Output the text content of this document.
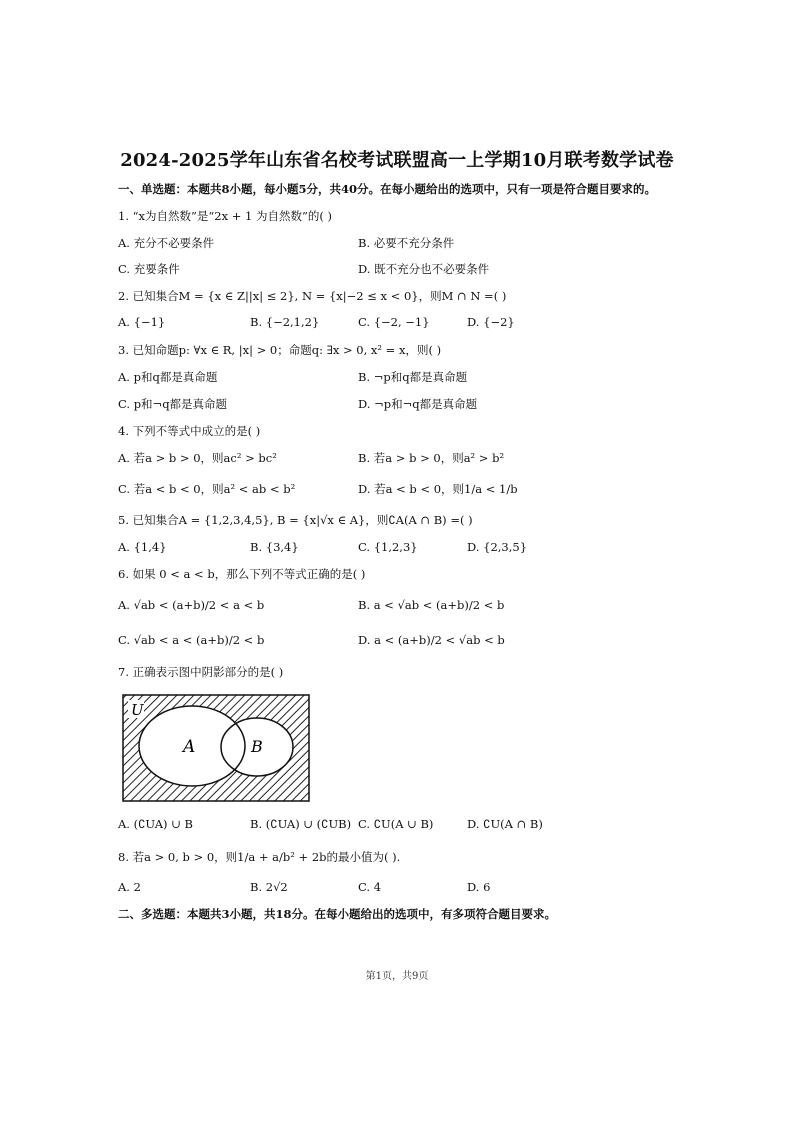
2024-2025学年山东省名校考试联盟高一上学期10月联考数学试卷
一、单选题：本题共8小题，每小题5分，共40分。在每小题给出的选项中，只有一项是符合题目要求的。
1. “x为自然数”是“2x + 1 为自然数”的( )
A. 充分不必要条件	B. 必要不充分条件
C. 充要条件	D. 既不充分也不必要条件
2. 已知集合M = {x ∈ Z||x| ≤ 2}, N = {x|−2 ≤ x < 0}，则M ∩ N =( )
A. {−1}	B. {−2,1,2}	C. {−2, −1}	D. {−2}
3. 已知命题p: ∀x ∈ R, |x| > 0；命题q: ∃x > 0, x² = x，则( )
A. p和q都是真命题	B. ¬p和q都是真命题
C. p和¬q都是真命题	D. ¬p和¬q都是真命题
4. 下列不等式中成立的是( )
A. 若a > b > 0，则ac² > bc²	B. 若a > b > 0，则a² > b²
C. 若a < b < 0，则a² < ab < b²	D. 若a < b < 0，则1/a < 1/b
5. 已知集合A = {1,2,3,4,5}, B = {x|√x ∈ A}，则∁A(A ∩ B) =( )
A. {1,4}	B. {3,4}	C. {1,2,3}	D. {2,3,5}
6. 如果 0 < a < b，那么下列不等式正确的是( )
A. √ab < (a+b)/2 < a < b	B. a < √ab < (a+b)/2 < b
C. √ab < a < (a+b)/2 < b	D. a < (a+b)/2 < √ab < b
7. 正确表示图中阴影部分的是( )
U
A	B
A. (∁UA) ∪ B	B. (∁UA) ∪ (∁UB) C. ∁U(A ∪ B)	D. ∁U(A ∩ B)
8. 若a > 0, b > 0，则1/a + a/b² + 2b的最小值为( ).
A. 2	B. 2√2	C. 4	D. 6
二、多选题：本题共3小题，共18分。在每小题给出的选项中，有多项符合题目要求。
第1页，共9页
